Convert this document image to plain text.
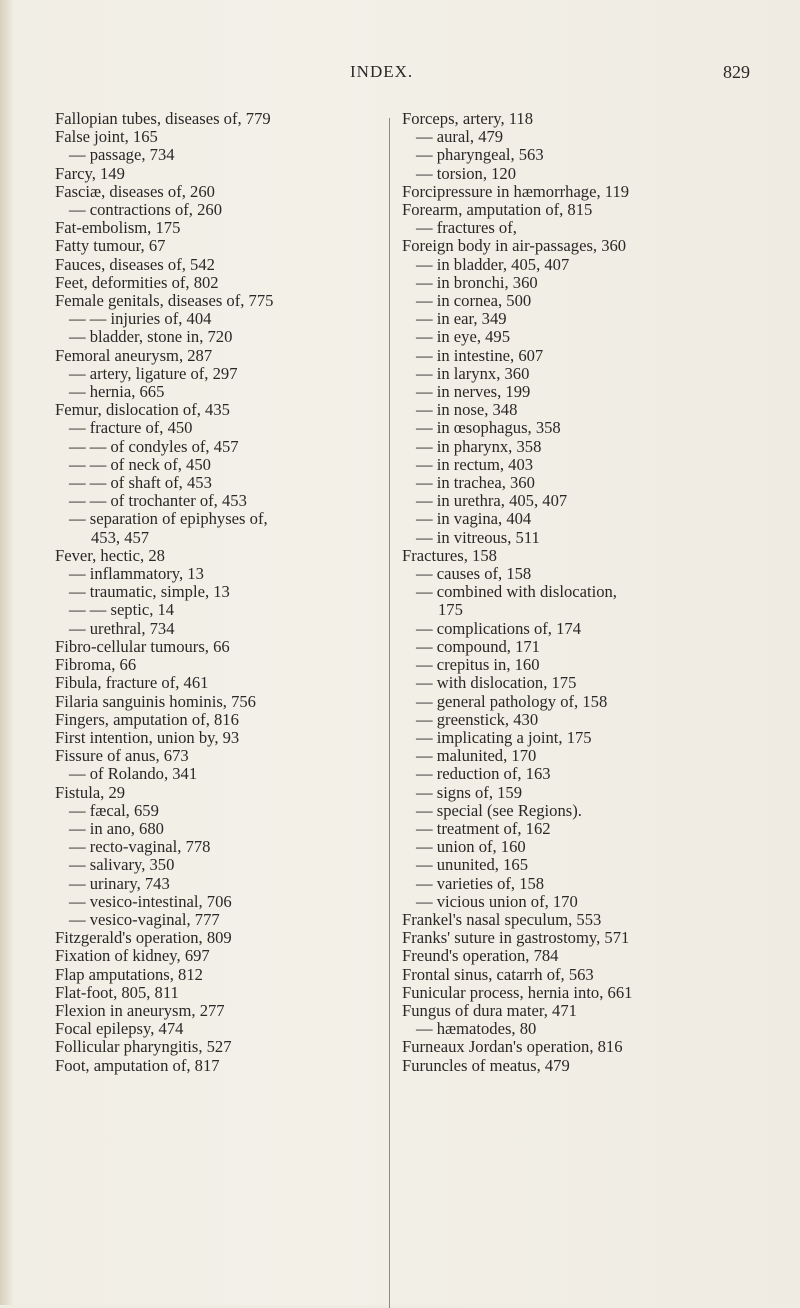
INDEX.	829
Fallopian tubes, diseases of, 779
False joint, 165
— passage, 734
Farcy, 149
Fasciæ, diseases of, 260
— contractions of, 260
Fat-embolism, 175
Fatty tumour, 67
Fauces, diseases of, 542
Feet, deformities of, 802
Female genitals, diseases of, 775
— — injuries of, 404
— bladder, stone in, 720
Femoral aneurysm, 287
— artery, ligature of, 297
— hernia, 665
Femur, dislocation of, 435
— fracture of, 450
— — of condyles of, 457
— — of neck of, 450
— — of shaft of, 453
— — of trochanter of, 453
— separation of epiphyses of,
453, 457
Fever, hectic, 28
— inflammatory, 13
— traumatic, simple, 13
— — septic, 14
— urethral, 734
Fibro-cellular tumours, 66
Fibroma, 66
Fibula, fracture of, 461
Filaria sanguinis hominis, 756
Fingers, amputation of, 816
First intention, union by, 93
Fissure of anus, 673
— of Rolando, 341
Fistula, 29
— fæcal, 659
— in ano, 680
— recto-vaginal, 778
— salivary, 350
— urinary, 743
— vesico-intestinal, 706
— vesico-vaginal, 777
Fitzgerald's operation, 809
Fixation of kidney, 697
Flap amputations, 812
Flat-foot, 805, 811
Flexion in aneurysm, 277
Focal epilepsy, 474
Follicular pharyngitis, 527
Foot, amputation of, 817
Forceps, artery, 118
— aural, 479
— pharyngeal, 563
— torsion, 120
Forcipressure in hæmorrhage, 119
Forearm, amputation of, 815
— fractures of,
Foreign body in air-passages, 360
— in bladder, 405, 407
— in bronchi, 360
— in cornea, 500
— in ear, 349
— in eye, 495
— in intestine, 607
— in larynx, 360
— in nerves, 199
— in nose, 348
— in œsophagus, 358
— in pharynx, 358
— in rectum, 403
— in trachea, 360
— in urethra, 405, 407
— in vagina, 404
— in vitreous, 511
Fractures, 158
— causes of, 158
— combined with dislocation,
175
— complications of, 174
— compound, 171
— crepitus in, 160
— with dislocation, 175
— general pathology of, 158
— greenstick, 430
— implicating a joint, 175
— malunited, 170
— reduction of, 163
— signs of, 159
— special (see Regions).
— treatment of, 162
— union of, 160
— ununited, 165
— varieties of, 158
— vicious union of, 170
Frankel's nasal speculum, 553
Franks' suture in gastrostomy, 571
Freund's operation, 784
Frontal sinus, catarrh of, 563
Funicular process, hernia into, 661
Fungus of dura mater, 471
— hæmatodes, 80
Furneaux Jordan's operation, 816
Furuncles of meatus, 479
